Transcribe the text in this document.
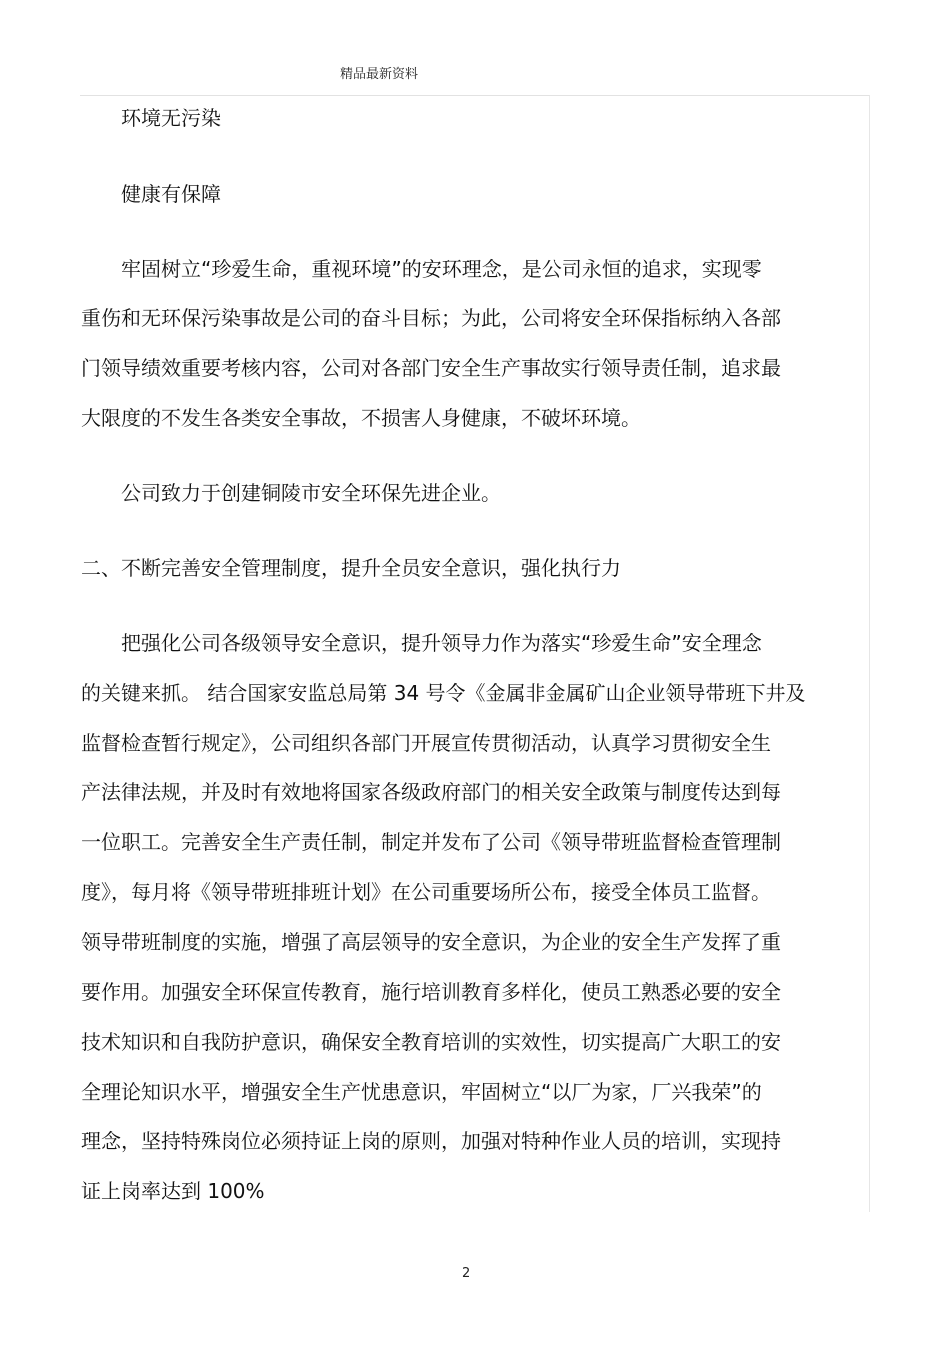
精品最新资料
环境无污染
健康有保障
牢固树立“珍爱生命，重视环境”的安环理念，是公司永恒的追求，实现零
重伤和无环保污染事故是公司的奋斗目标；为此，公司将安全环保指标纳入各部
门领导绩效重要考核内容，公司对各部门安全生产事故实行领导责任制，追求最
大限度的不发生各类安全事故，不损害人身健康，不破坏环境。
公司致力于创建铜陵市安全环保先进企业。
二、不断完善安全管理制度，提升全员安全意识，强化执行力
把强化公司各级领导安全意识，提升领导力作为落实“珍爱生命”安全理念
的关键来抓。 结合国家安监总局第 34 号令《金属非金属矿山企业领导带班下井及
监督检查暂行规定》，公司组织各部门开展宣传贯彻活动，认真学习贯彻安全生
产法律法规，并及时有效地将国家各级政府部门的相关安全政策与制度传达到每
一位职工。完善安全生产责任制，制定并发布了公司《领导带班监督检查管理制
度》，每月将《领导带班排班计划》在公司重要场所公布，接受全体员工监督。
领导带班制度的实施，增强了高层领导的安全意识，为企业的安全生产发挥了重
要作用。加强安全环保宣传教育，施行培训教育多样化，使员工熟悉必要的安全
技术知识和自我防护意识，确保安全教育培训的实效性，切实提高广大职工的安
全理论知识水平，增强安全生产忧患意识，牢固树立“以厂为家，厂兴我荣”的
理念，坚持特殊岗位必须持证上岗的原则，加强对特种作业人员的培训，实现持
证上岗率达到 100%
2
